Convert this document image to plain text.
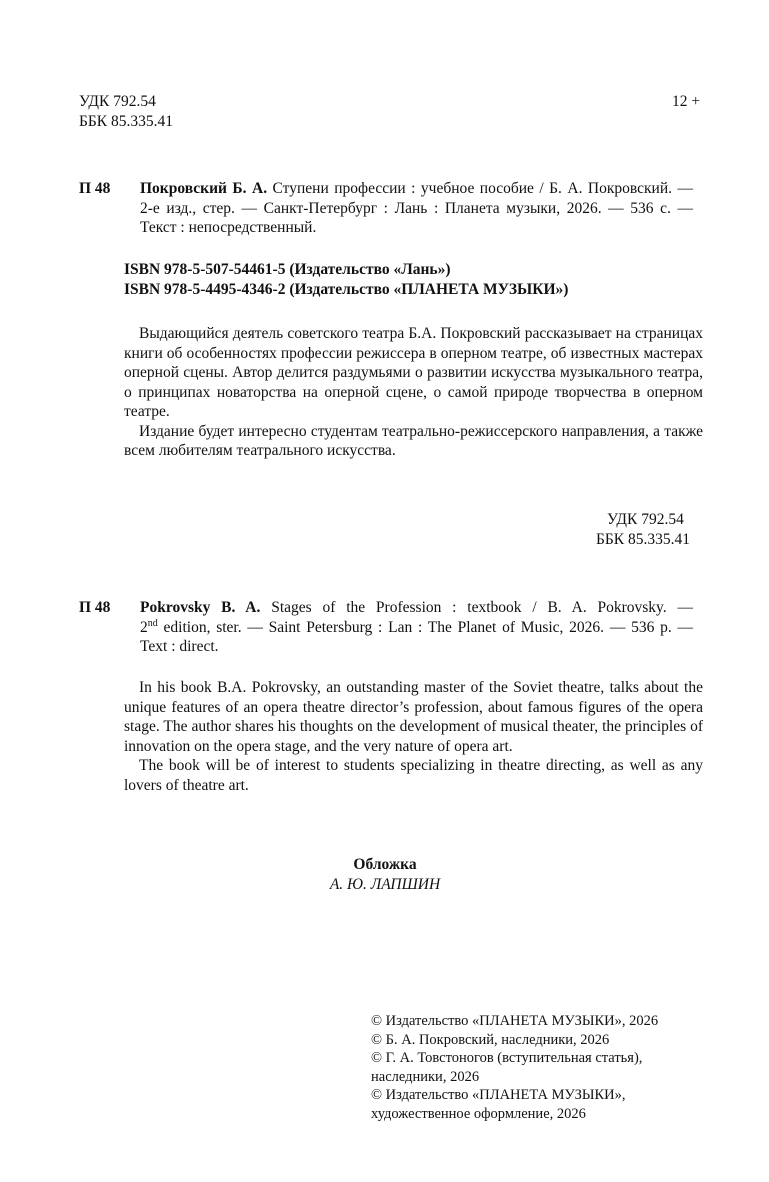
УДК 792.54
ББК 85.335.41
12 +
П 48 Покровский Б. А. Ступени профессии : учебное пособие / Б. А. Покровский. —
2-е изд., стер. — Санкт-Петербург : Лань : Планета музыки, 2026. — 536 с. —
Текст : непосредственный.
ISBN 978-5-507-54461-5 (Издательство «Лань»)
ISBN 978-5-4495-4346-2 (Издательство «ПЛАНЕТА МУЗЫКИ»)
Выдающийся деятель советского театра Б.А. Покровский рассказывает на страницах книги об особенностях профессии режиссера в оперном театре, об известных мастерах оперной сцены. Автор делится раздумьями о развитии искусства музыкального театра, о принципах новаторства на оперной сцене, о самой природе творчества в оперном театре.
Издание будет интересно студентам театрально-режиссерского направления, а также всем любителям театрального искусства.
УДК 792.54
ББК 85.335.41
П 48 Pokrovsky B. A. Stages of the Profession : textbook / B. A. Pokrovsky. —
2nd edition, ster. — Saint Petersburg : Lan : The Planet of Music, 2026. — 536 p. —
Text : direct.
In his book B.A. Pokrovsky, an outstanding master of the Soviet theatre, talks about the unique features of an opera theatre director’s profession, about famous figures of the opera stage. The author shares his thoughts on the development of musical theater, the principles of innovation on the opera stage, and the very nature of opera art.
The book will be of interest to students specializing in theatre directing, as well as any lovers of theatre art.
Обложка
А. Ю. ЛАПШИН
© Издательство «ПЛАНЕТА МУЗЫКИ», 2026
© Б. А. Покровский, наследники, 2026
© Г. А. Товстоногов (вступительная статья),
наследники, 2026
© Издательство «ПЛАНЕТА МУЗЫКИ»,
художественное оформление, 2026
